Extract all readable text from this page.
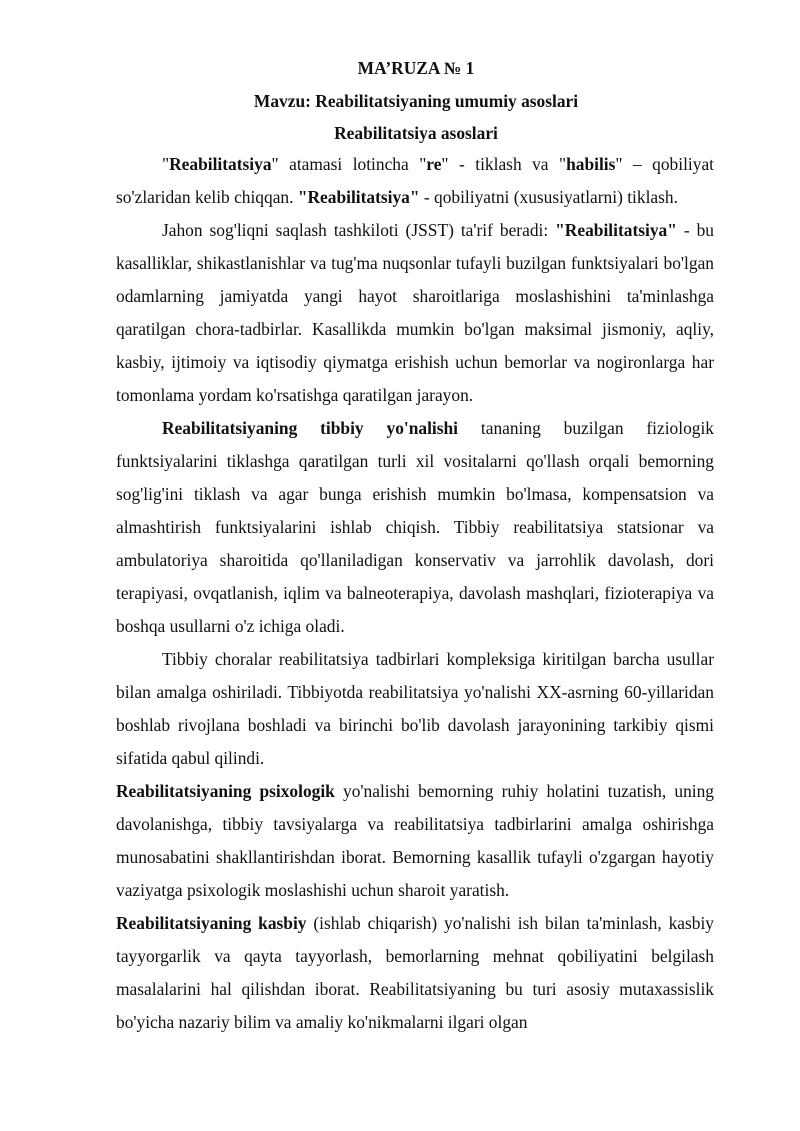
MA’RUZA № 1
Mavzu: Reabilitatsiyaning umumiy asoslari
Reabilitatsiya asoslari

"Reabilitatsiya" atamasi lotincha "re" - tiklash va "habilis" – qobiliyat so'zlaridan kelib chiqqan. "Reabilitatsiya" - qobiliyatni (xususiyatlarni) tiklash.

Jahon sog'liqni saqlash tashkiloti (JSST) ta'rif beradi: "Reabilitatsiya" - bu kasalliklar, shikastlanishlar va tug'ma nuqsonlar tufayli buzilgan funktsiyalari bo'lgan odamlarning jamiyatda yangi hayot sharoitlariga moslashishini ta'minlashga qaratilgan chora-tadbirlar. Kasallikda mumkin bo'lgan maksimal jismoniy, aqliy, kasbiy, ijtimoiy va iqtisodiy qiymatga erishish uchun bemorlar va nogironlarga har tomonlama yordam ko'rsatishga qaratilgan jarayon.

Reabilitatsiyaning tibbiy yo'nalishi tananing buzilgan fiziologik funktsiyalarini tiklashga qaratilgan turli xil vositalarni qo'llash orqali bemorning sog'lig'ini tiklash va agar bunga erishish mumkin bo'lmasa, kompensatsion va almashtirish funktsiyalarini ishlab chiqish. Tibbiy reabilitatsiya statsionar va ambulatoriya sharoitida qo'llaniladigan konservativ va jarrohlik davolash, dori terapiyasi, ovqatlanish, iqlim va balneoterapiya, davolash mashqlari, fizioterapiya va boshqa usullarni o'z ichiga oladi.

Tibbiy choralar reabilitatsiya tadbirlari kompleksiga kiritilgan barcha usullar bilan amalga oshiriladi. Tibbiyotda reabilitatsiya yo'nalishi XX-asrning 60-yillaridan boshlab rivojlana boshladi va birinchi bo'lib davolash jarayonining tarkibiy qismi sifatida qabul qilindi.

Reabilitatsiyaning psixologik yo'nalishi bemorning ruhiy holatini tuzatish, uning davolanishga, tibbiy tavsiyalarga va reabilitatsiya tadbirlarini amalga oshirishga munosabatini shakllantirishdan iborat. Bemorning kasallik tufayli o'zgargan hayotiy vaziyatga psixologik moslashishi uchun sharoit yaratish.

Reabilitatsiyaning kasbiy (ishlab chiqarish) yo'nalishi ish bilan ta'minlash, kasbiy tayyorgarlik va qayta tayyorlash, bemorlarning mehnat qobiliyatini belgilash masalalarini hal qilishdan iborat. Reabilitatsiyaning bu turi asosiy mutaxassislik bo'yicha nazariy bilim va amaliy ko'nikmalarni ilgari olgan
